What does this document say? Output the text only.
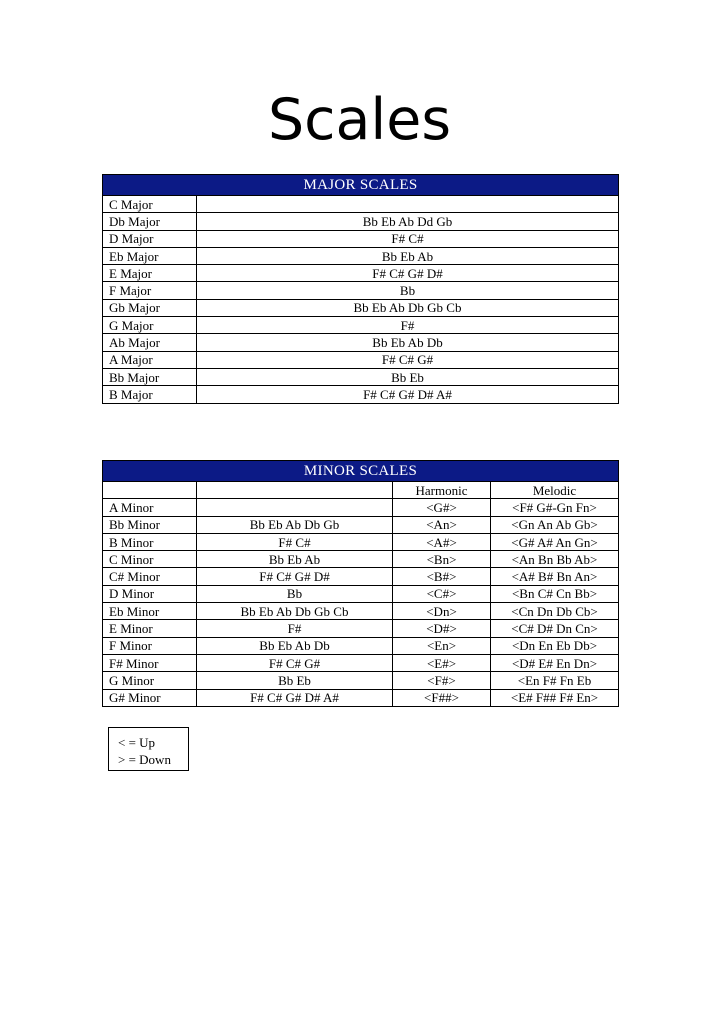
Scales
MAJOR SCALES	
C Major	
Db Major	Bb Eb Ab Dd Gb
D Major	F# C#
Eb Major	Bb Eb Ab
E Major	F# C# G# D#
F Major	Bb
Gb Major	Bb Eb Ab Db Gb Cb
G Major	F#
Ab Major	Bb Eb Ab Db
A Major	F# C# G#
Bb Major	Bb Eb
B Major	F# C# G# D# A#
MINOR SCALES			
		Harmonic	Melodic
A Minor		<G#>	<F# G#-Gn Fn>
Bb Minor	Bb Eb Ab Db Gb	<An>	<Gn An Ab Gb>
B Minor	F# C#	<A#>	<G# A# An Gn>
C Minor	Bb Eb Ab	<Bn>	<An Bn Bb Ab>
C# Minor	F# C# G# D#	<B#>	<A# B# Bn An>
D Minor	Bb	<C#>	<Bn C# Cn Bb>
Eb Minor	Bb Eb Ab Db Gb Cb	<Dn>	<Cn Dn Db Cb>
E Minor	F#	<D#>	<C# D# Dn Cn>
F Minor	Bb Eb Ab Db	<En>	<Dn En Eb Db>
F# Minor	F# C# G#	<E#>	<D# E# En Dn>
G Minor	Bb Eb	<F#>	<En F# Fn Eb
G# Minor	F# C# G# D# A#	<F##>	<E# F## F# En>
< = Up
> = Down
